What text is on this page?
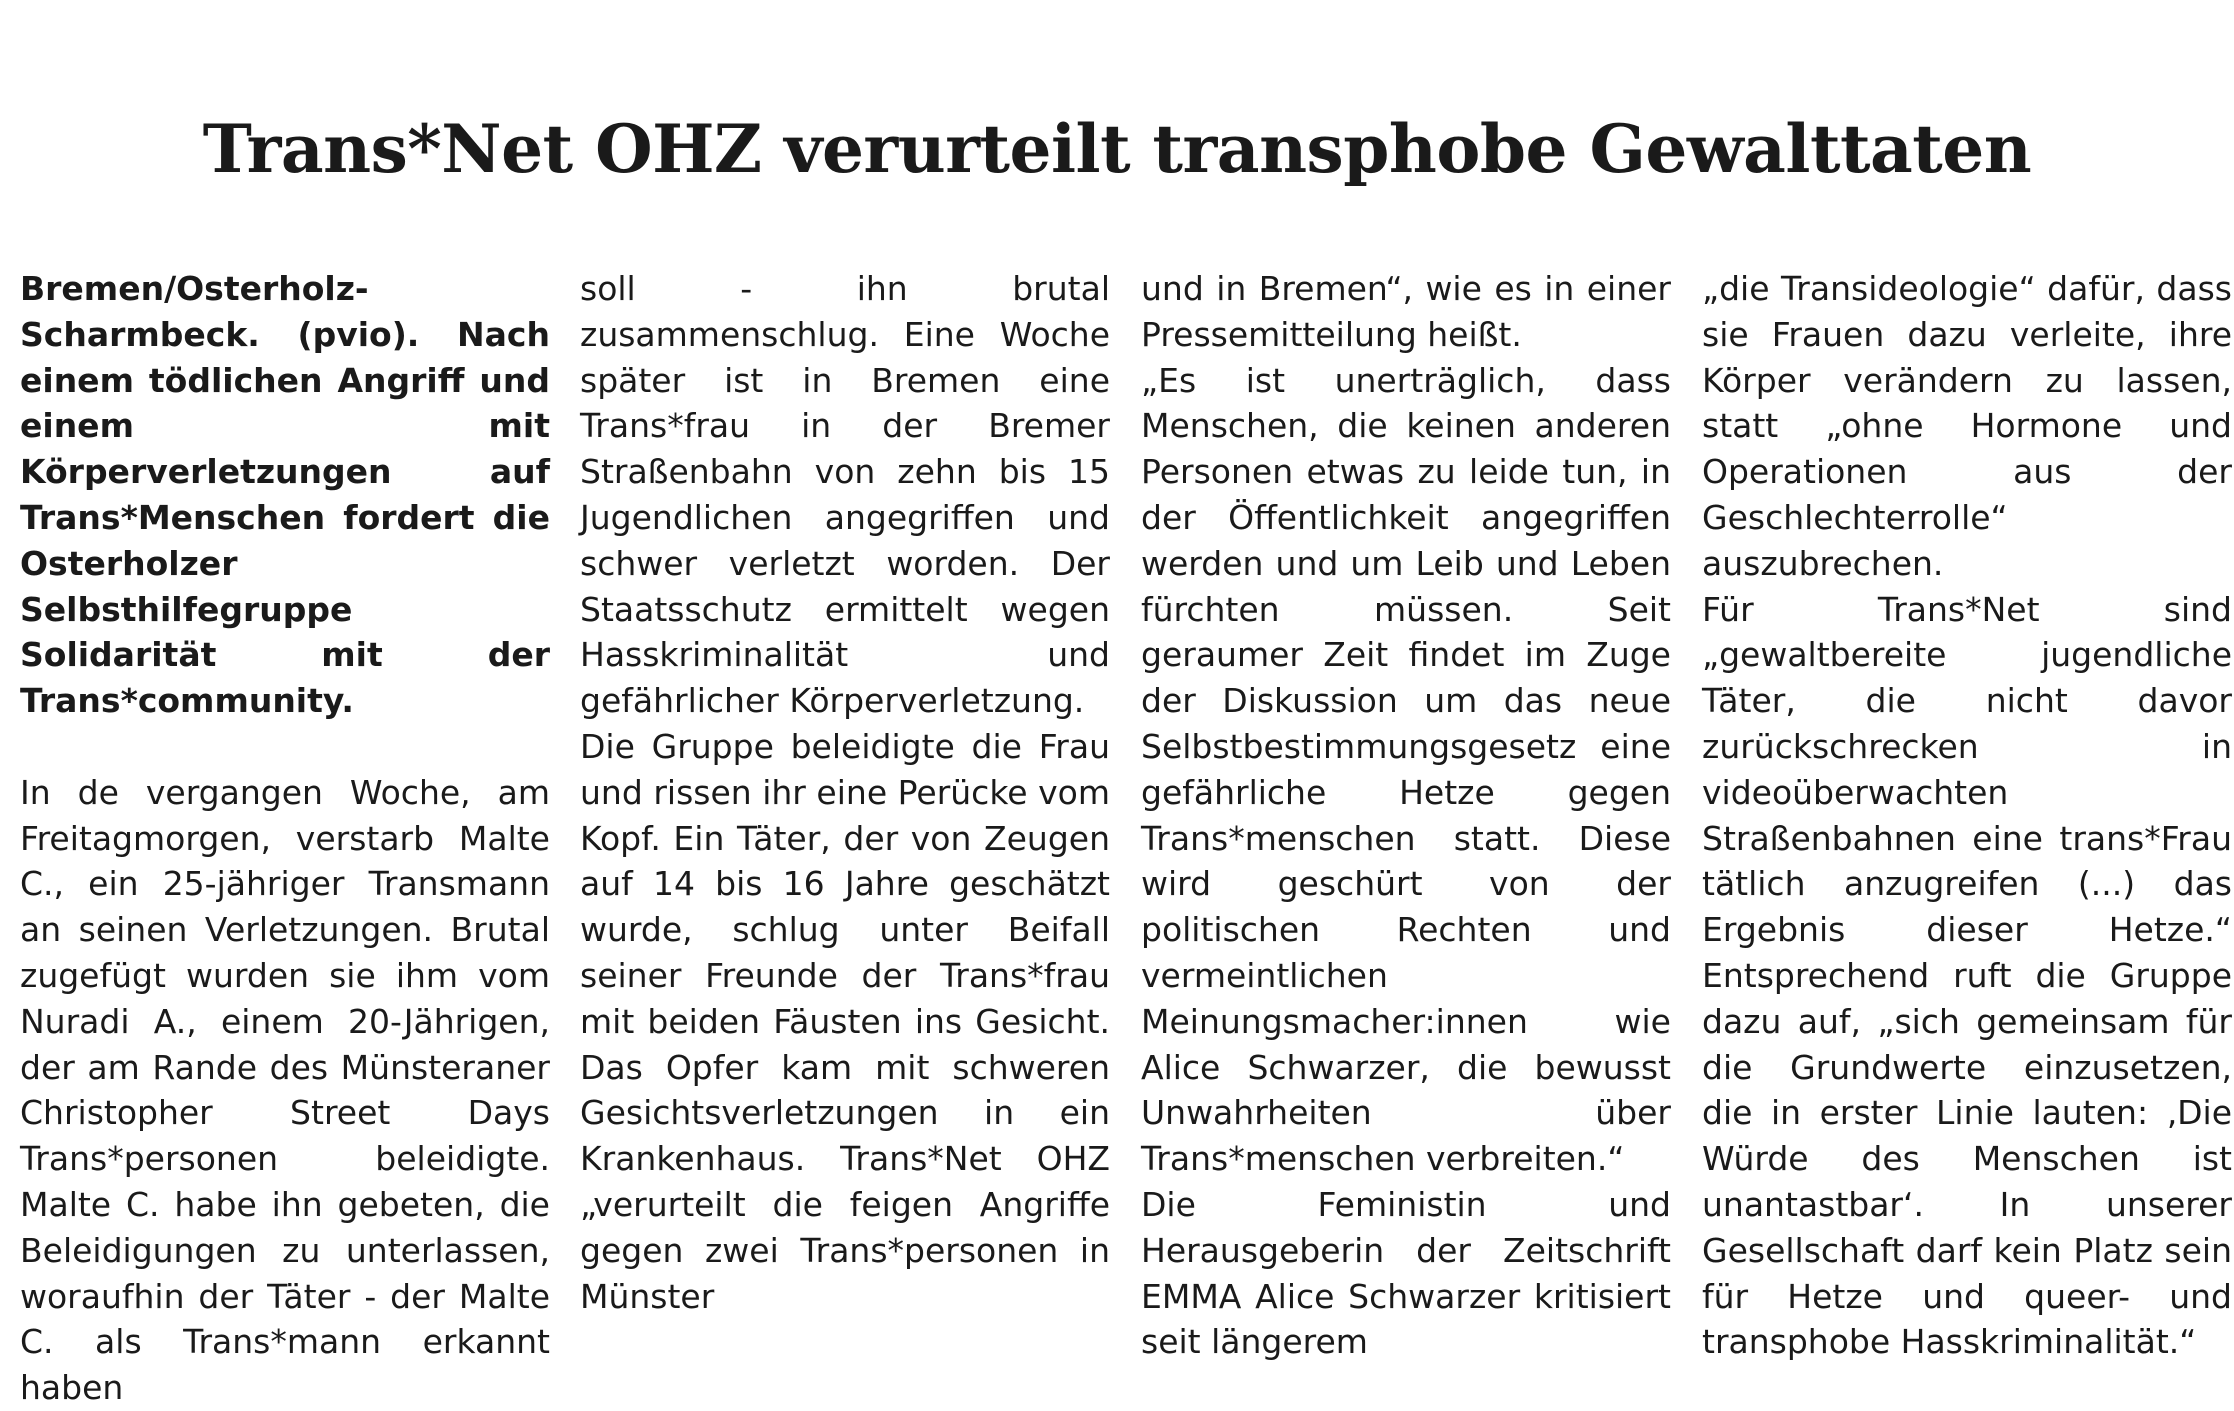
Trans*Net OHZ verurteilt transphobe Gewalttaten

Bremen/Osterholz-Scharmbeck. (pvio). Nach einem tödlichen Angriff und einem mit Körperverletzungen auf Trans*Menschen fordert die Osterholzer Selbsthilfegruppe Solidarität mit der Trans*community.

In de vergangen Woche, am Freitagmorgen, verstarb Malte C., ein 25-jähriger Transmann an seinen Verletzungen. Brutal zugefügt wurden sie ihm vom Nuradi A., einem 20-Jährigen, der am Rande des Münsteraner Christopher Street Days Trans*personen beleidigte. Malte C. habe ihn gebeten, die Beleidigungen zu unterlassen, woraufhin der Täter - der Malte C. als Trans*mann erkannt haben

soll - ihn brutal zusammenschlug. Eine Woche später ist in Bremen eine Trans*frau in der Bremer Straßenbahn von zehn bis 15 Jugendlichen angegriffen und schwer verletzt worden. Der Staatsschutz ermittelt wegen Hasskriminalität und gefährlicher Körperverletzung.

Die Gruppe beleidigte die Frau und rissen ihr eine Perücke vom Kopf. Ein Täter, der von Zeugen auf 14 bis 16 Jahre geschätzt wurde, schlug unter Beifall seiner Freunde der Trans*frau mit beiden Fäusten ins Gesicht. Das Opfer kam mit schweren Gesichtsverletzungen in ein Krankenhaus. Trans*Net OHZ „verurteilt die feigen Angriffe gegen zwei Trans*personen in Münster

und in Bremen“, wie es in einer Pressemitteilung heißt.

„Es ist unerträglich, dass Menschen, die keinen anderen Personen etwas zu leide tun, in der Öffentlichkeit angegriffen werden und um Leib und Leben fürchten müssen. Seit geraumer Zeit findet im Zuge der Diskussion um das neue Selbstbestimmungsgesetz eine gefährliche Hetze gegen Trans*menschen statt. Diese wird geschürt von der politischen Rechten und vermeintlichen Meinungsmacher:innen wie Alice Schwarzer, die bewusst Unwahrheiten über Trans*menschen verbreiten.“

Die Feministin und Herausgeberin der Zeitschrift EMMA Alice Schwarzer kritisiert seit längerem

„die Transideologie“ dafür, dass sie Frauen dazu verleite, ihre Körper verändern zu lassen, statt „ohne Hormone und Operationen aus der Geschlechterrolle“ auszubrechen.

Für Trans*Net sind „gewaltbereite jugendliche Täter, die nicht davor zurückschrecken in videoüberwachten Straßenbahnen eine trans*Frau tätlich anzugreifen (...) das Ergebnis dieser Hetze.“ Entsprechend ruft die Gruppe dazu auf, „sich gemeinsam für die Grundwerte einzusetzen, die in erster Linie lauten: ‚Die Würde des Menschen ist unantastbar‘. In unserer Gesellschaft darf kein Platz sein für Hetze und queer- und transphobe Hasskriminalität.“
